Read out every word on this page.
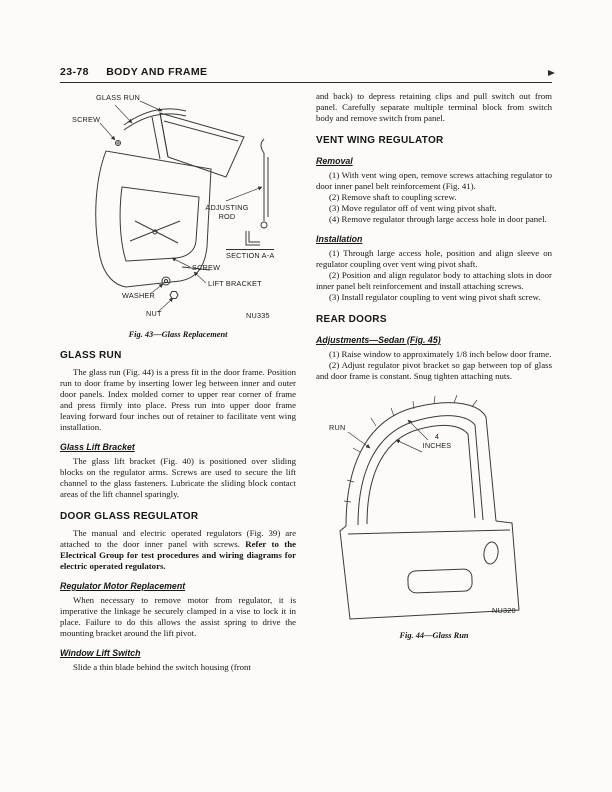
23-78 BODY AND FRAME
GLASS RUN
SCREW
ADJUSTING
ROD
SECTION A-A
SCREW
LIFT BRACKET
WASHER
NUT	NU335
Fig. 43—Glass Replacement
GLASS RUN

The glass run (Fig. 44) is a press fit in the door frame. Position run to door frame by inserting lower leg between inner and outer door panels. Index molded corner to upper rear corner of frame and press firmly into place. Press run into upper door frame leaving forward four inches out of retainer to facilitate vent wing installation.

Glass Lift Bracket

The glass lift bracket (Fig. 40) is positioned over sliding blocks on the regulator arms. Screws are used to secure the lift channel to the glass fasteners. Lubricate the sliding block contact areas of the lift channel sparingly.

DOOR GLASS REGULATOR

The manual and electric operated regulators (Fig. 39) are attached to the door inner panel with screws. Refer to the Electrical Group for test procedures and wiring diagrams for electric operated regulators.

Regulator Motor Replacement

When necessary to remove motor from regulator, it is imperative the linkage be securely clamped in a vise to lock it in place. Failure to do this allows the assist spring to drive the mounting bracket around the lift pivot.

Window Lift Switch

Slide a thin blade behind the switch housing (front

and back) to depress retaining clips and pull switch out from panel. Carefully separate multiple terminal block from switch body and remove switch from panel.

VENT WING REGULATOR
Removal

(1) With vent wing open, remove screws attaching regulator to door inner panel belt reinforcement (Fig. 41).

(2) Remove shaft to coupling screw.

(3) Move regulator off of vent wing pivot shaft.

(4) Remove regulator through large access hole in door panel.

Installation

(1) Through large access hole, position and align sleeve on regulator coupling over vent wing pivot shaft.

(2) Position and align regulator body to attaching slots in door inner panel belt reinforcement and install attaching screws.

(3) Install regulator coupling to vent wing pivot shaft screw.

REAR DOORS
Adjustments—Sedan (Fig. 45)

(1) Raise window to approximately 1/8 inch below door frame.

(2) Adjust regulator pivot bracket so gap between top of glass and door frame is constant. Snug tighten attaching nuts.

RUN
4
INCHES
NU320
Fig. 44—Glass Run
